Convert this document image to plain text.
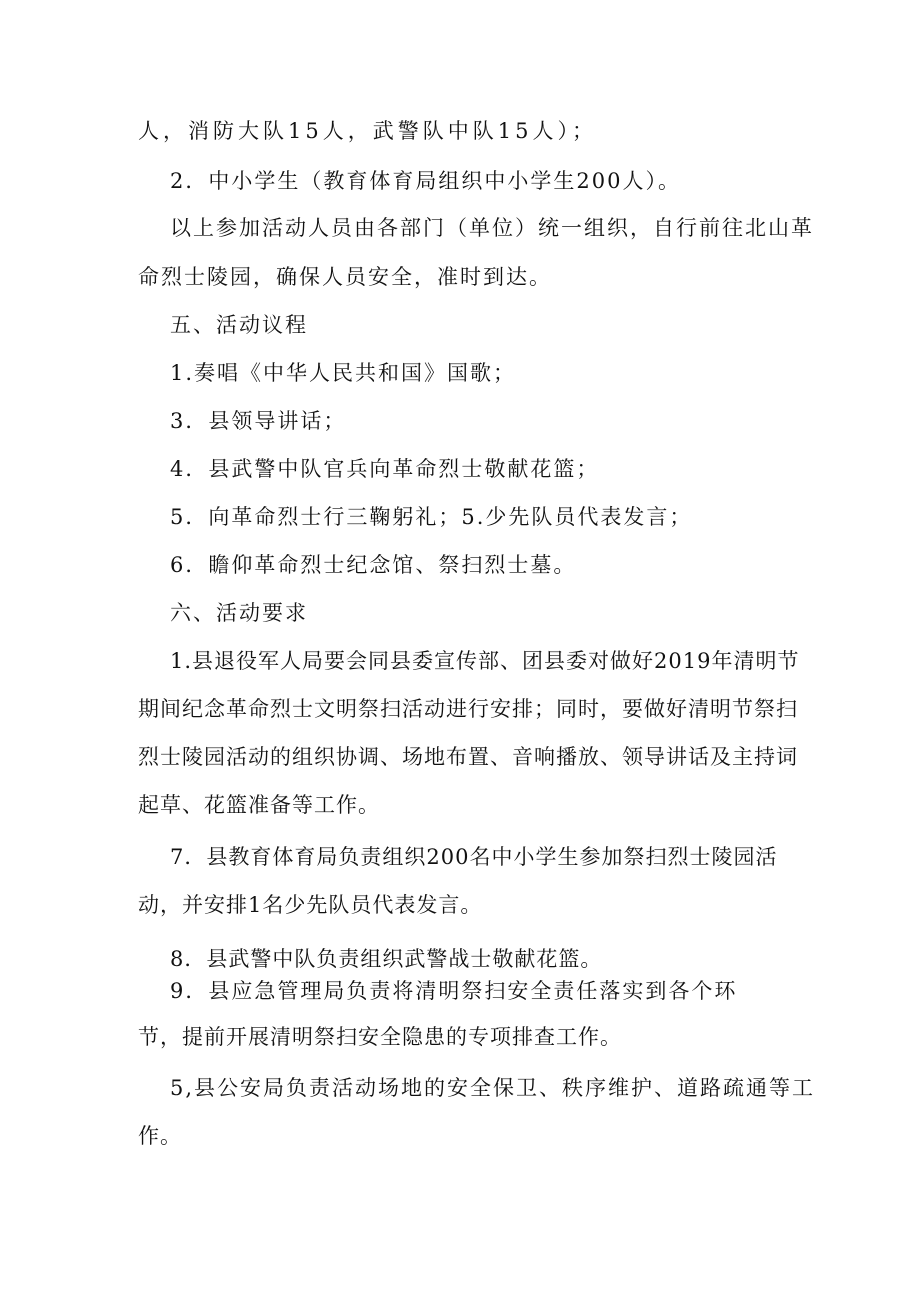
人，消防大队15人，武警队中队15人）；
2．中小学生（教育体育局组织中小学生200人）。
以上参加活动人员由各部门（单位）统一组织，自行前往北山革
命烈士陵园，确保人员安全，准时到达。
五、活动议程
1.奏唱《中华人民共和国》国歌；
3．县领导讲话；
4．县武警中队官兵向革命烈士敬献花篮；
5．向革命烈士行三鞠躬礼；5.少先队员代表发言；
6．瞻仰革命烈士纪念馆、祭扫烈士墓。
六、活动要求
1.县退役军人局要会同县委宣传部、团县委对做好2019年清明节
期间纪念革命烈士文明祭扫活动进行安排；同时，要做好清明节祭扫
烈士陵园活动的组织协调、场地布置、音响播放、领导讲话及主持词
起草、花篮准备等工作。
7．县教育体育局负责组织200名中小学生参加祭扫烈士陵园活
动，并安排1名少先队员代表发言。
8．县武警中队负责组织武警战士敬献花篮。
9．县应急管理局负责将清明祭扫安全责任落实到各个环
节，提前开展清明祭扫安全隐患的专项排查工作。
5,县公安局负责活动场地的安全保卫、秩序维护、道路疏通等工
作。
